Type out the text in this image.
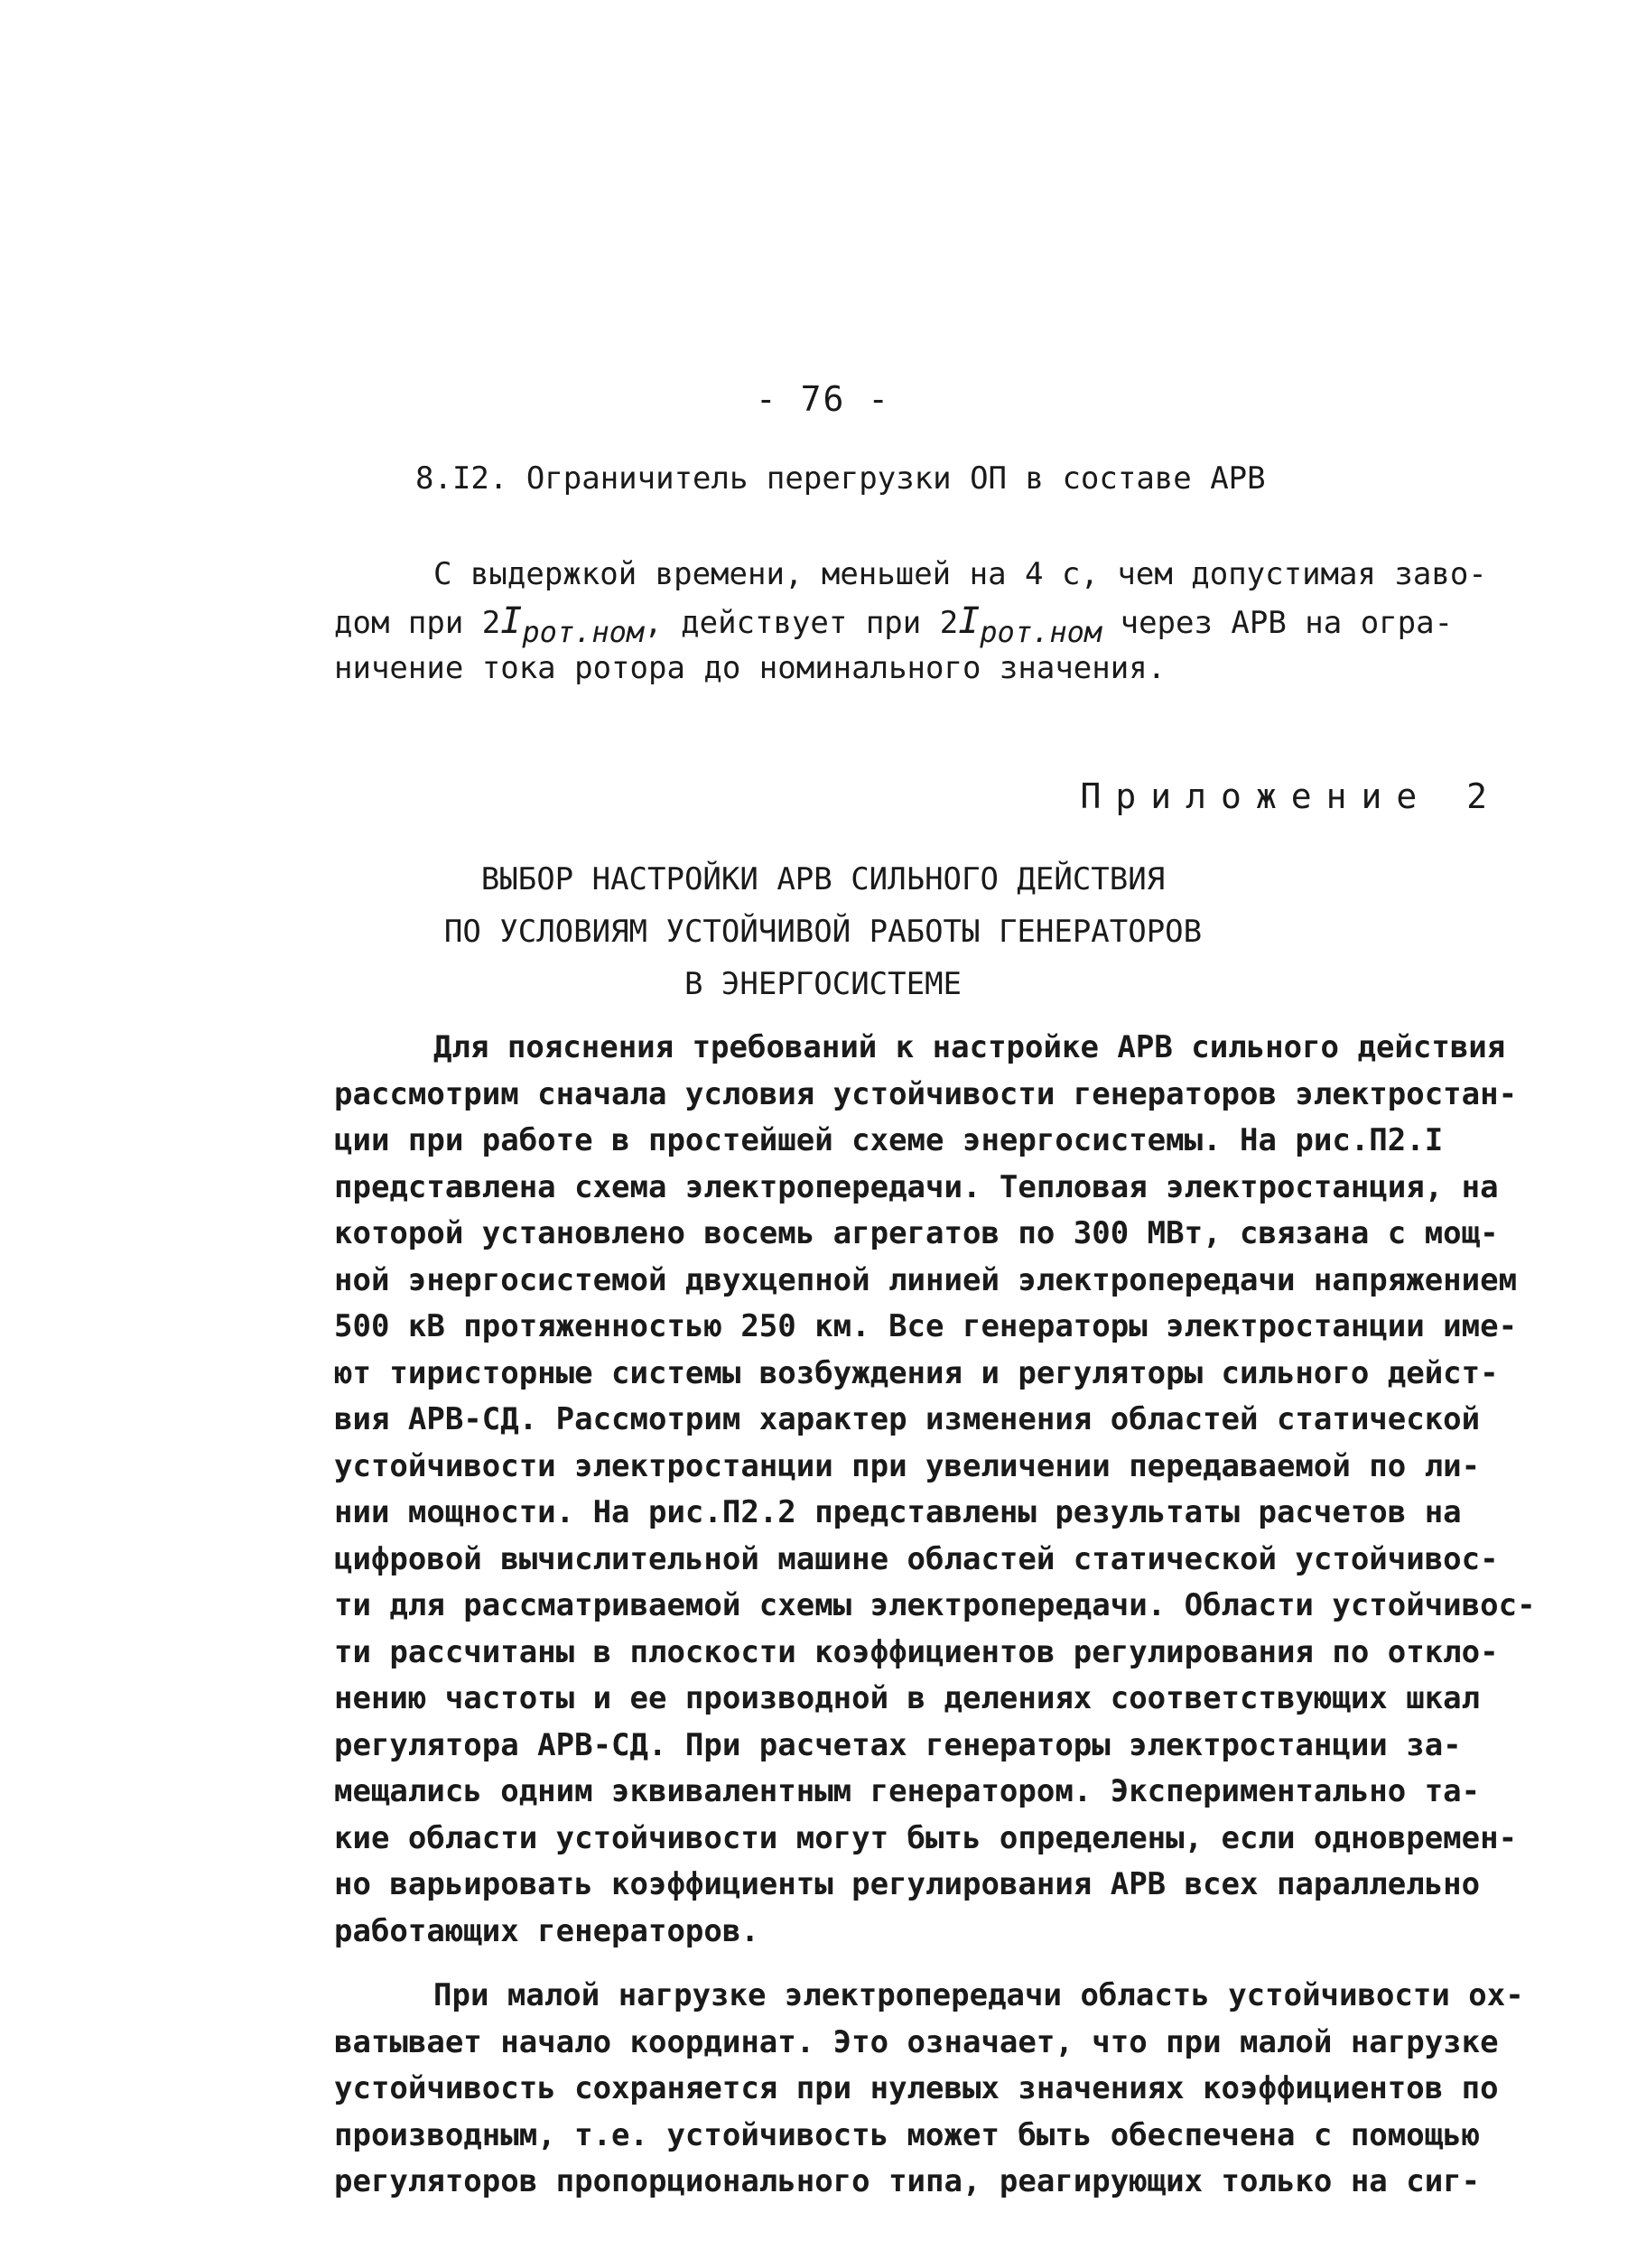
- 76 -
8.I2. Ограничитель перегрузки ОП в составе АРВ
С выдержкой времени, меньшей на 4 с, чем допустимая заво-
дом при $2I_{рот.ном}$, действует при $2I_{рот.ном}$ через АРВ на огра-
ничение тока ротора до номинального значения.
Приложение 2
ВЫБОР НАСТРОЙКИ АРВ СИЛЬНОГО ДЕЙСТВИЯ
ПО УСЛОВИЯМ УСТОЙЧИВОЙ РАБОТЫ ГЕНЕРАТОРОВ
В ЭНЕРГОСИСТЕМЕ
Для пояснения требований к настройке АРВ сильного действия
рассмотрим сначала условия устойчивости генераторов электростан-
ции при работе в простейшей схеме энергосистемы. На рис.П2.I
представлена схема электропередачи. Тепловая электростанция, на
которой установлено восемь агрегатов по 300 МВт, связана с мощ-
ной энергосистемой двухцепной линией электропередачи напряжением
500 кВ протяженностью 250 км. Все генераторы электростанции име-
ют тиристорные системы возбуждения и регуляторы сильного дейст-
вия АРВ-СД. Рассмотрим характер изменения областей статической
устойчивости электростанции при увеличении передаваемой по ли-
нии мощности. На рис.П2.2 представлены результаты расчетов на
цифровой вычислительной машине областей статической устойчивос-
ти для рассматриваемой схемы электропередачи. Области устойчивос-
ти рассчитаны в плоскости коэффициентов регулирования по откло-
нению частоты и ее производной в делениях соответствующих шкал
регулятора АРВ-СД. При расчетах генераторы электростанции за-
мещались одним эквивалентным генератором. Экспериментально та-
кие области устойчивости могут быть определены, если одновремен-
но варьировать коэффициенты регулирования АРВ всех параллельно
работающих генераторов.
При малой нагрузке электропередачи область устойчивости ох-
ватывает начало координат. Это означает, что при малой нагрузке
устойчивость сохраняется при нулевых значениях коэффициентов по
производным, т.е. устойчивость может быть обеспечена с помощью
регуляторов пропорционального типа, реагирующих только на сиг-
